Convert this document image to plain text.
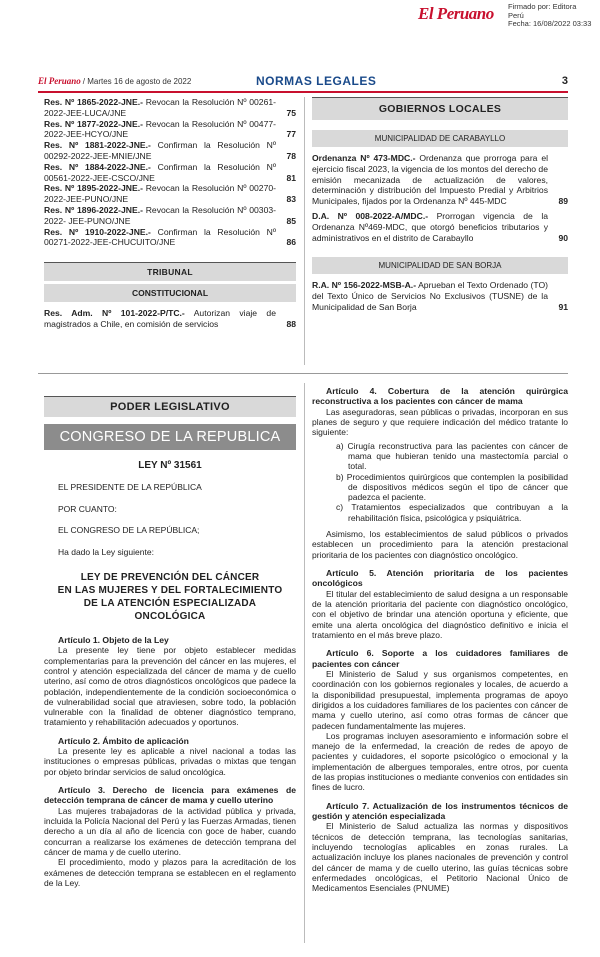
El Peruano	Firmado por: Editora
Perú
Fecha: 16/08/2022 03:33
El Peruano / Martes 16 de agosto de 2022	NORMAS LEGALES	3
Res. Nº 1865-2022-JNE.- Revocan la Resolución Nº 00261-2022-JEE-LUCA/JNE	75
Res. Nº 1877-2022-JNE.- Revocan la Resolución Nº 00477-2022-JEE-HCYO/JNE	77
Res. Nº 1881-2022-JNE.- Confirman la Resolución Nº 00292-2022-JEE-MNIE/JNE	78
Res. Nº 1884-2022-JNE.- Confirman la Resolución Nº 00561-2022-JEE-CSCO/JNE	81
Res. Nº 1895-2022-JNE.- Revocan la Resolución Nº 00270-2022-JEE-PUNO/JNE	83
Res. Nº 1896-2022-JNE.- Revocan la Resolución Nº 00303-2022- JEE-PUNO/JNE	85
Res. Nº 1910-2022-JNE.- Confirman la Resolución Nº 00271-2022-JEE-CHUCUITO/JNE	86
TRIBUNAL
CONSTITUCIONAL
Res. Adm. Nº 101-2022-P/TC.- Autorizan viaje de magistrados a Chile, en comisión de servicios	88
GOBIERNOS LOCALES
MUNICIPALIDAD DE CARABAYLLO
Ordenanza Nº 473-MDC.- Ordenanza que prorroga para el ejercicio fiscal 2023, la vigencia de los montos del derecho de emisión mecanizada de actualización de valores, determinación y distribución del Impuesto Predial y Arbitrios Municipales, fijados por la Ordenanza Nº 445-MDC	89
D.A. Nº 008-2022-A/MDC.- Prorrogan vigencia de la Ordenanza Nº469-MDC, que otorgó beneficios tributarios y administrativos en el distrito de Carabayllo	90
MUNICIPALIDAD DE SAN BORJA
R.A. Nº 156-2022-MSB-A.- Aprueban el Texto Ordenado (TO) del Texto Único de Servicios No Exclusivos (TUSNE) de la Municipalidad de San Borja	91
PODER LEGISLATIVO
CONGRESO DE LA REPUBLICA
LEY Nº 31561
EL PRESIDENTE DE LA REPÚBLICA
POR CUANTO:
EL CONGRESO DE LA REPÚBLICA;
Ha dado la Ley siguiente:
LEY DE PREVENCIÓN DEL CÁNCER
EN LAS MUJERES Y DEL FORTALECIMIENTO
DE LA ATENCIÓN ESPECIALIZADA
ONCOLÓGICA
Artículo 1. Objeto de la Ley
La presente ley tiene por objeto establecer medidas complementarias para la prevención del cáncer en las mujeres, el control y atención especializada del cáncer de mama y de cuello uterino, así como de otros diagnósticos oncológicos que padece la población, independientemente de la condición socioeconómica o de vulnerabilidad social que atraviesen, sobre todo, la población vulnerable con la finalidad de obtener diagnóstico temprano, tratamiento y rehabilitación adecuados y oportunos.
Artículo 2. Ámbito de aplicación
La presente ley es aplicable a nivel nacional a todas las instituciones o empresas públicas, privadas o mixtas que tengan por objeto brindar servicios de salud oncológica.
Artículo 3. Derecho de licencia para exámenes de detección temprana de cáncer de mama y cuello uterino
Las mujeres trabajadoras de la actividad pública y privada, incluida la Policía Nacional del Perú y las Fuerzas Armadas, tienen derecho a un día al año de licencia con goce de haber, cuando concurran a realizarse los exámenes de detección temprana del cáncer de mama y de cuello uterino.
El procedimiento, modo y plazos para la acreditación de los exámenes de detección temprana se establecen en el reglamento de la Ley.
Artículo 4. Cobertura de la atención quirúrgica reconstructiva a los pacientes con cáncer de mama
Las aseguradoras, sean públicas o privadas, incorporan en sus planes de seguro y que requiere indicación del médico tratante lo siguiente:
a) Cirugía reconstructiva para las pacientes con cáncer de mama que hubieran tenido una mastectomía parcial o total.
b) Procedimientos quirúrgicos que contemplen la posibilidad de dispositivos médicos según el tipo de cáncer que padezca el paciente.
c) Tratamientos especializados que contribuyan a la rehabilitación física, psicológica y psiquiátrica.
Asimismo, los establecimientos de salud públicos o privados establecen un procedimiento para la atención prestacional prioritaria de los pacientes con diagnóstico oncológico.
Artículo 5. Atención prioritaria de los pacientes oncológicos
El titular del establecimiento de salud designa a un responsable de la atención prioritaria del paciente con diagnóstico oncológico, con el objetivo de brindar una atención oportuna y eficiente, que emite una alerta oncológica del diagnóstico definitivo e inicia el tratamiento en el más breve plazo.
Artículo 6. Soporte a los cuidadores familiares de pacientes con cáncer
El Ministerio de Salud y sus organismos competentes, en coordinación con los gobiernos regionales y locales, de acuerdo a la disponibilidad presupuestal, implementa programas de apoyo dirigidos a los cuidadores familiares de los pacientes con cáncer de mama y cuello uterino, así como otras formas de cáncer que padecen fundamentalmente las mujeres.
Los programas incluyen asesoramiento e información sobre el manejo de la enfermedad, la creación de redes de apoyo de pacientes y cuidadores, el soporte psicológico o emocional y la implementación de albergues temporales, entre otros, por cuenta de las propias instituciones o mediante convenios con entidades sin fines de lucro.
Artículo 7. Actualización de los instrumentos técnicos de gestión y atención especializada
El Ministerio de Salud actualiza las normas y dispositivos técnicos de detección temprana, las tecnologías sanitarias, incluyendo tecnologías aplicables en zonas rurales. La actualización incluye los planes nacionales de prevención y control del cáncer de mama y de cuello uterino, las guías técnicas sobre enfermedades oncológicas, el Petitorio Nacional Único de Medicamentos Esenciales (PNUME)
